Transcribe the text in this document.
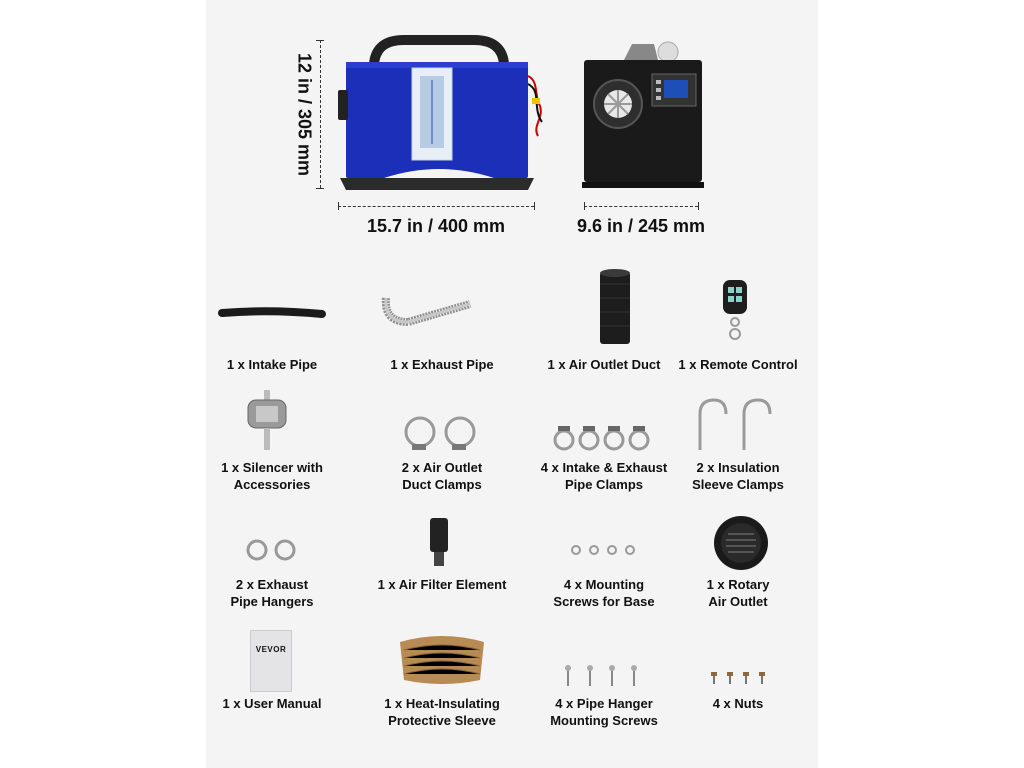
12 in / 305 mm
15.7 in / 400 mm	9.6 in / 245 mm
VEVOR
1 x Intake Pipe	1 x Exhaust Pipe	1 x Air Outlet Duct	1 x Remote Control
1 x Silencer with
Accessories
2 x Air Outlet
Duct Clamps
4 x Intake & Exhaust
Pipe Clamps
2 x Insulation
Sleeve Clamps
2 x Exhaust
Pipe Hangers
1 x Air Filter Element	4 x Mounting
Screws for Base
1 x Rotary
Air Outlet
1 x User Manual	1 x Heat-Insulating
Protective Sleeve
4 x Pipe Hanger
Mounting Screws
4 x Nuts
